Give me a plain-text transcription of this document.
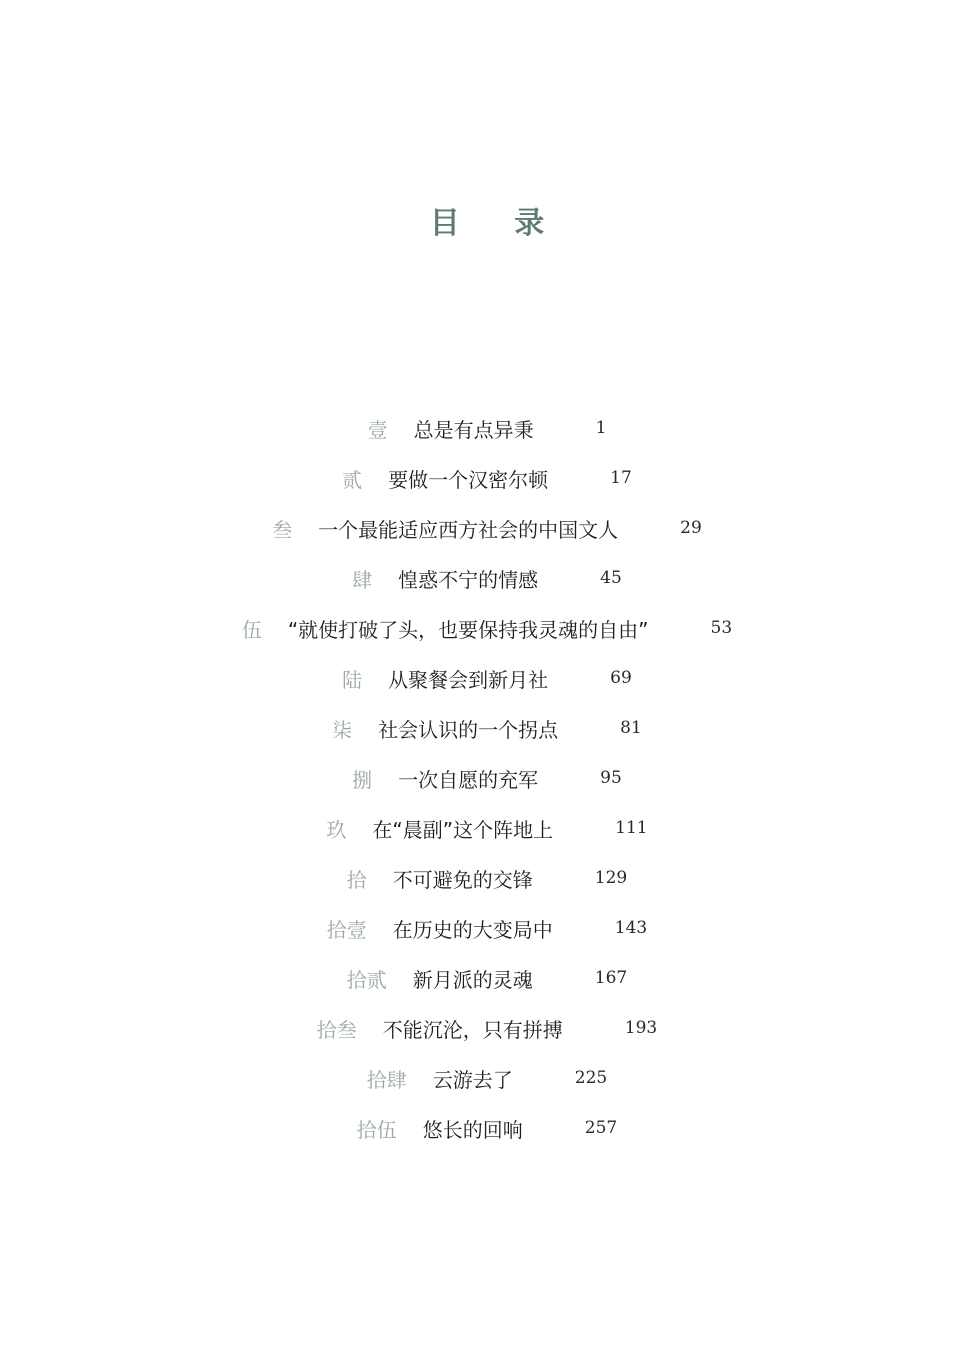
目 录
壹 总是有点异秉	1
贰 要做一个汉密尔顿	17
叁 一个最能适应西方社会的中国文人	29
肆 惶惑不宁的情感	45
伍 “就使打破了头，也要保持我灵魂的自由”	53
陆 从聚餐会到新月社	69
柒 社会认识的一个拐点	81
捌 一次自愿的充军	95
玖 在“晨副”这个阵地上	111
拾 不可避免的交锋	129
拾壹 在历史的大变局中	143
拾贰 新月派的灵魂	167
拾叁 不能沉沦，只有拼搏	193
拾肆 云游去了	225
拾伍 悠长的回响	257
